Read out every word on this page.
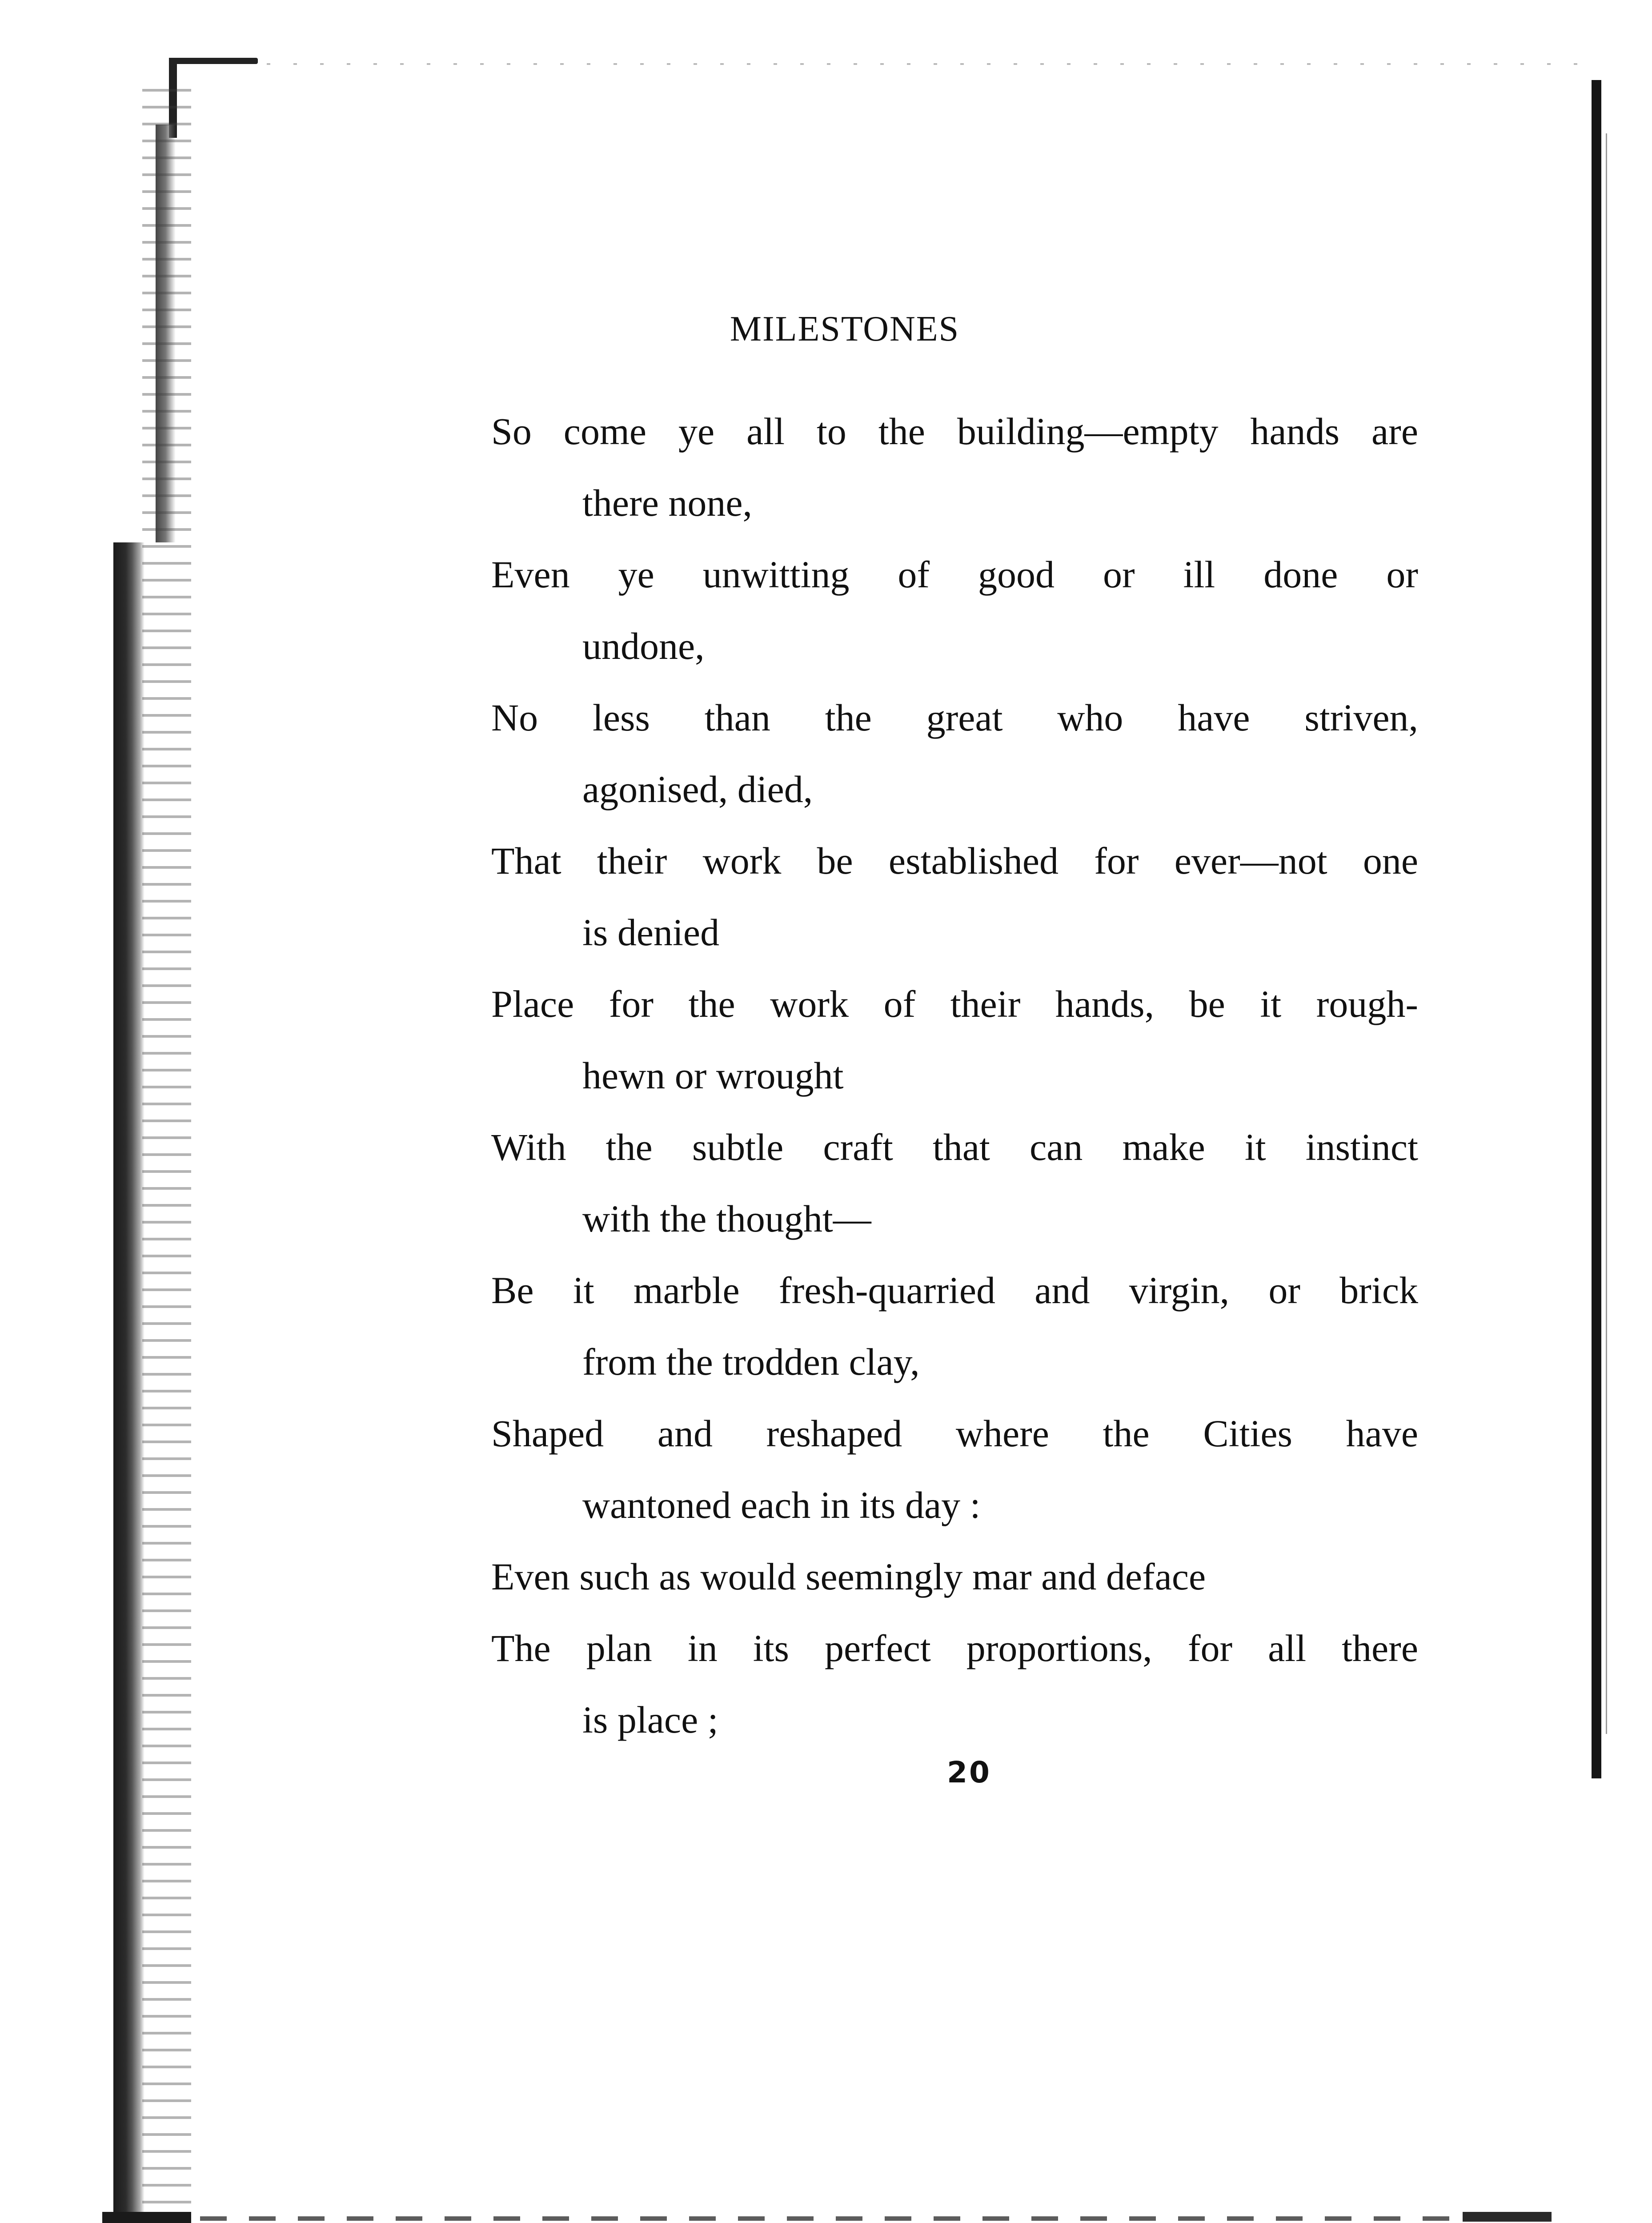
MILESTONES
So come ye all to the building—empty hands are
there none,
Even ye unwitting of good or ill done or
undone,
No less than the great who have striven,
agonised, died,
That their work be established for ever—not one
is denied
Place for the work of their hands, be it rough-
hewn or wrought
With the subtle craft that can make it instinct
with the thought—
Be it marble fresh-quarried and virgin, or brick
from the trodden clay,
Shaped and reshaped where the Cities have
wantoned each in its day :
Even such as would seemingly mar and deface
The plan in its perfect proportions, for all there
is place ;
20
